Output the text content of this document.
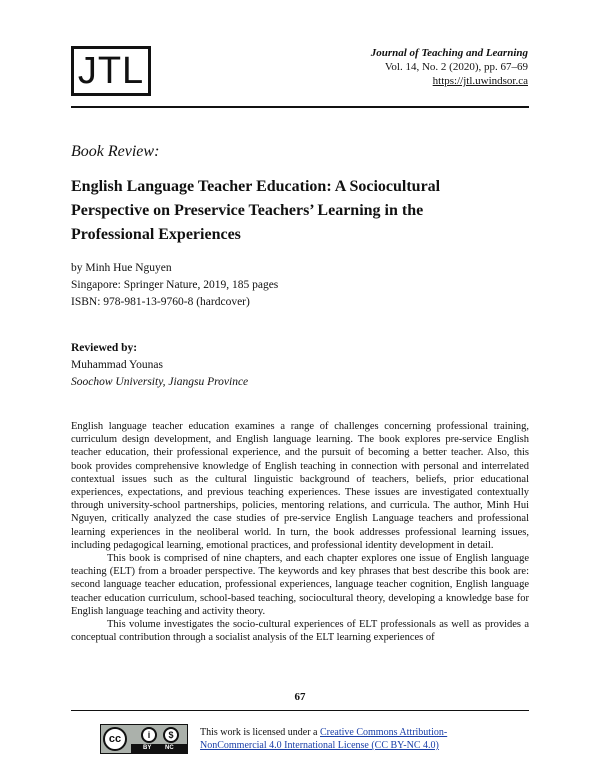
JTL	Journal of Teaching and Learning
Vol. 14, No. 2 (2020), pp. 67–69
https://jtl.uwindsor.ca
Book Review:
English Language Teacher Education: A Sociocultural Perspective on Preservice Teachers’ Learning in the Professional Experiences
by Minh Hue Nguyen
Singapore: Springer Nature, 2019, 185 pages
ISBN: 978-981-13-9760-8 (hardcover)
Reviewed by:
Muhammad Younas
Soochow University, Jiangsu Province

English language teacher education examines a range of challenges concerning professional training, curriculum design development, and English language learning. The book explores pre-service English teacher education, their professional experience, and the pursuit of becoming a better teacher. Also, this book provides comprehensive knowledge of English teaching in connection with personal and interrelated contextual issues such as the cultural linguistic background of teachers, beliefs, prior educational experiences, expectations, and previous teaching experiences. These issues are investigated contextually through university-school partnerships, policies, mentoring relations, and curricula. The author, Minh Hui Nguyen, critically analyzed the case studies of pre-service English Language teachers and professional learning experiences in the neoliberal world. In turn, the book addresses professional learning issues, including pedagogical learning, emotional practices, and professional identity development in detail.

This book is comprised of nine chapters, and each chapter explores one issue of English language teaching (ELT) from a broader perspective. The keywords and key phrases that best describe this book are: second language teacher education, professional experiences, language teacher cognition, English language teacher education curriculum, school-based teaching, sociocultural theory, developing a knowledge base for English language teaching and activity theory.

This volume investigates the socio-cultural experiences of ELT professionals as well as provides a conceptual contribution through a socialist analysis of the ELT learning experiences of

67
cc	i	$
BY NC
This work is licensed under a Creative Commons Attribution-
NonCommercial 4.0 International License (CC BY-NC 4.0)
